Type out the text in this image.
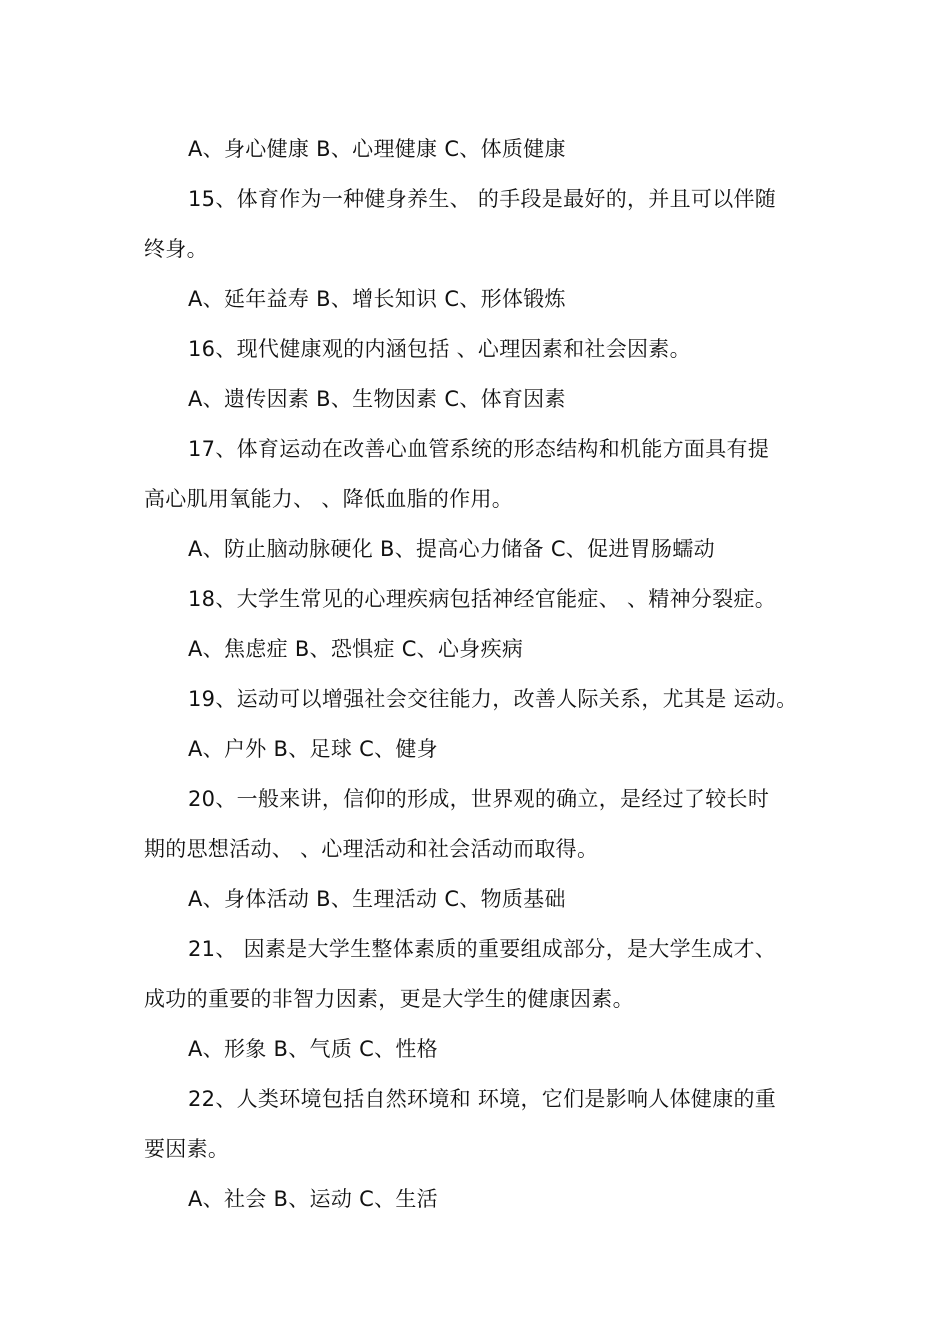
A、身心健康 B、心理健康 C、体质健康
15、体育作为一种健身养生、 的手段是最好的，并且可以伴随
终身。
A、延年益寿 B、增长知识 C、形体锻炼
16、现代健康观的内涵包括 、心理因素和社会因素。
A、遗传因素 B、生物因素 C、体育因素
17、体育运动在改善心血管系统的形态结构和机能方面具有提
高心肌用氧能力、 、降低血脂的作用。
A、防止脑动脉硬化 B、提高心力储备 C、促进胃肠蠕动
18、大学生常见的心理疾病包括神经官能症、 、精神分裂症。
A、焦虑症 B、恐惧症 C、心身疾病
19、运动可以增强社会交往能力，改善人际关系，尤其是 运动。
A、户外 B、足球 C、健身
20、一般来讲，信仰的形成，世界观的确立，是经过了较长时
期的思想活动、 、心理活动和社会活动而取得。
A、身体活动 B、生理活动 C、物质基础
21、 因素是大学生整体素质的重要组成部分，是大学生成才、
成功的重要的非智力因素，更是大学生的健康因素。
A、形象 B、气质 C、性格
22、人类环境包括自然环境和 环境，它们是影响人体健康的重
要因素。
A、社会 B、运动 C、生活
